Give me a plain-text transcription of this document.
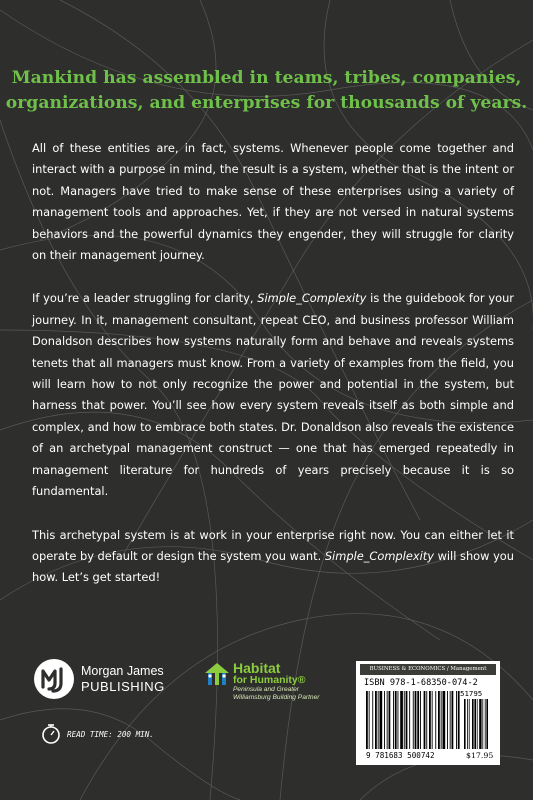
Mankind has assembled in teams, tribes, companies,
organizations, and enterprises for thousands of years.

All of these entities are, in fact, systems. Whenever people come together and interact with a purpose in mind, the result is a system, whether that is the intent or not. Managers have tried to make sense of these enterprises using a variety of management tools and approaches. Yet, if they are not versed in natural systems behaviors and the powerful dynamics they engender, they will struggle for clarity on their management journey.

If you’re a leader struggling for clarity, Simple_Complexity is the guidebook for your journey. In it, management consultant, repeat CEO, and business professor William Donaldson describes how systems naturally form and behave and reveals systems tenets that all managers must know. From a variety of examples from the field, you will learn how to not only recognize the power and potential in the system, but harness that power. You’ll see how every system reveals itself as both simple and complex, and how to embrace both states. Dr. Donaldson also reveals the existence of an archetypal management construct — one that has emerged repeatedly in management literature for hundreds of years precisely because it is so fundamental.

This archetypal system is at work in your enterprise right now. You can either let it operate by default or design the system you want. Simple_Complexity will show you how. Let’s get started!

Morgan James
PUBLISHING
Habitat
for Humanity®
Peninsula and Greater
Williamsburg Building Partner
READ TIME: 200 MIN.
BUSINESS & ECONOMICS / Management
ISBN 978-1-68350-074-2
51795
9 781683 500742	$17.95
